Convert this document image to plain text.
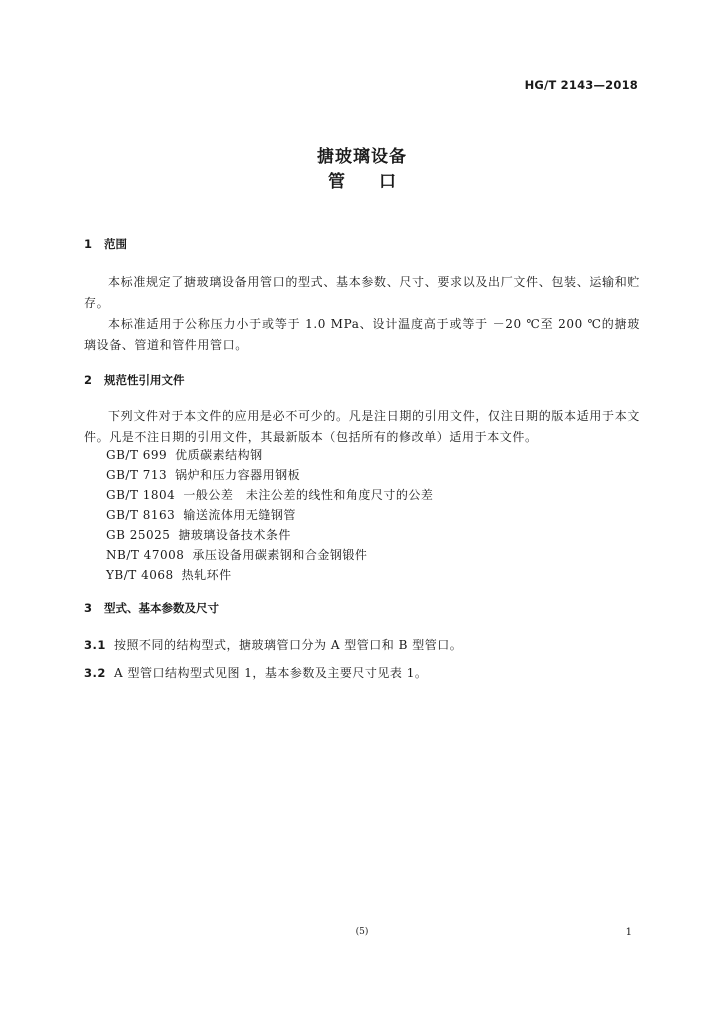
HG/T 2143—2018
搪玻璃设备
管 口
1 范围
本标准规定了搪玻璃设备用管口的型式、基本参数、尺寸、要求以及出厂文件、包装、运输和贮存。
本标准适用于公称压力小于或等于 1.0 MPa、设计温度高于或等于 －20 ℃至 200 ℃的搪玻璃设备、管道和管件用管口。
2 规范性引用文件
下列文件对于本文件的应用是必不可少的。凡是注日期的引用文件，仅注日期的版本适用于本文件。凡是不注日期的引用文件，其最新版本（包括所有的修改单）适用于本文件。
GB/T 699 优质碳素结构钢
GB/T 713 锅炉和压力容器用钢板
GB/T 1804 一般公差　未注公差的线性和角度尺寸的公差
GB/T 8163 输送流体用无缝钢管
GB 25025 搪玻璃设备技术条件
NB/T 47008 承压设备用碳素钢和合金钢锻件
YB/T 4068 热轧环件
3 型式、基本参数及尺寸
3.1 按照不同的结构型式，搪玻璃管口分为 A 型管口和 B 型管口。
3.2 A 型管口结构型式见图 1，基本参数及主要尺寸见表 1。
(5)	1
